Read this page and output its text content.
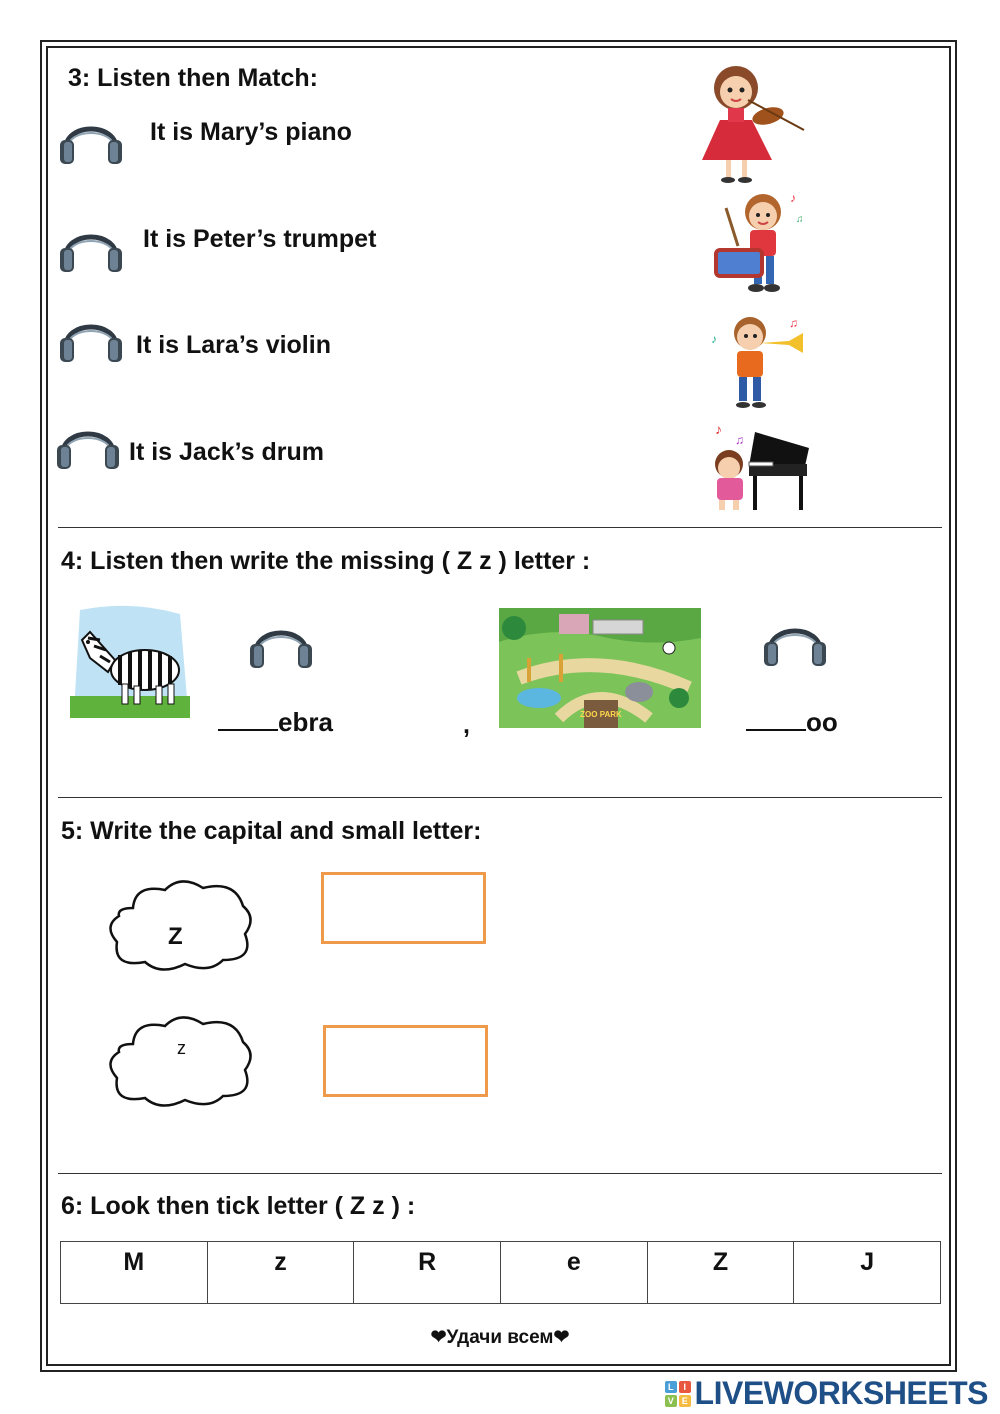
3: Listen then Match:
It is Mary’s piano
It is Peter’s trumpet
It is Lara’s violin
It is Jack’s drum
♪
♫
♪
♫
♪
♫
4: Listen then write the missing ( Z z ) letter :
ebra	,	ZOO PARK	oo
5: Write the capital and small letter:
Z
z
6: Look then tick letter ( Z z ) :
M	z	R	e	Z	J
❤Удачи всем❤
L	I
V E LIVEWORKSHEETS
